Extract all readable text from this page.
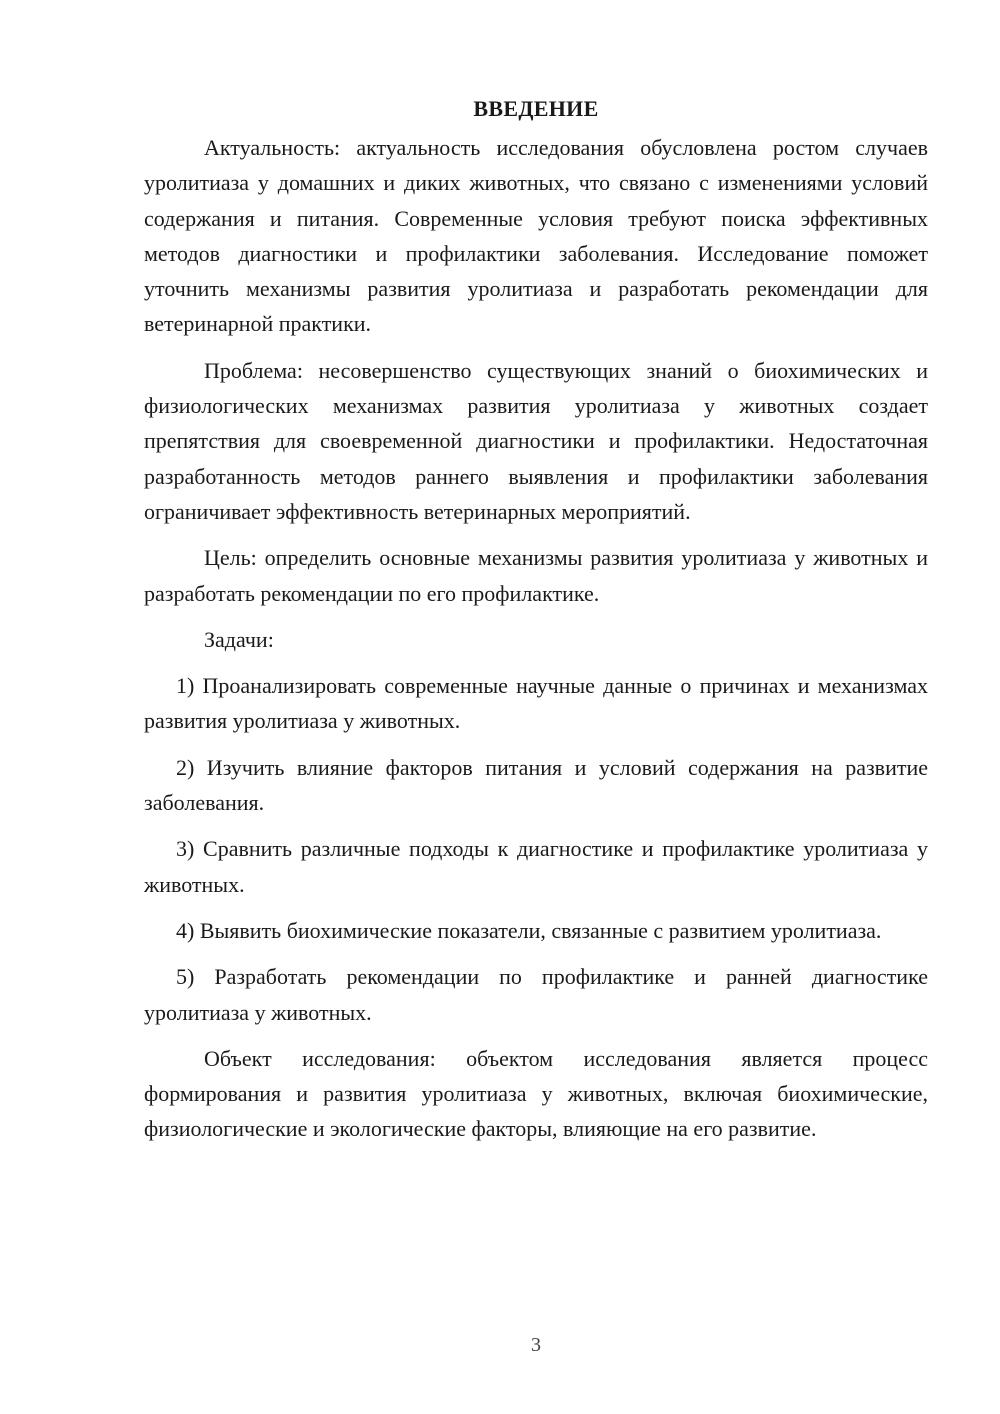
ВВЕДЕНИЕ

Актуальность: актуальность исследования обусловлена ростом случаев уролитиаза у домашних и диких животных, что связано с изменениями условий содержания и питания. Современные условия требуют поиска эффективных методов диагностики и профилактики заболевания. Исследование поможет уточнить механизмы развития уролитиаза и разработать рекомендации для ветеринарной практики.

Проблема: несовершенство существующих знаний о биохимических и физиологических механизмах развития уролитиаза у животных создает препятствия для своевременной диагностики и профилактики. Недостаточная разработанность методов раннего выявления и профилактики заболевания ограничивает эффективность ветеринарных мероприятий.

Цель: определить основные механизмы развития уролитиаза у животных и разработать рекомендации по его профилактике.

Задачи:

1) Проанализировать современные научные данные о причинах и механизмах развития уролитиаза у животных.

2) Изучить влияние факторов питания и условий содержания на развитие заболевания.

3) Сравнить различные подходы к диагностике и профилактике уролитиаза у животных.

4) Выявить биохимические показатели, связанные с развитием уролитиаза.

5) Разработать рекомендации по профилактике и ранней диагностике уролитиаза у животных.

Объект исследования: объектом исследования является процесс формирования и развития уролитиаза у животных, включая биохимические, физиологические и экологические факторы, влияющие на его развитие.

3
